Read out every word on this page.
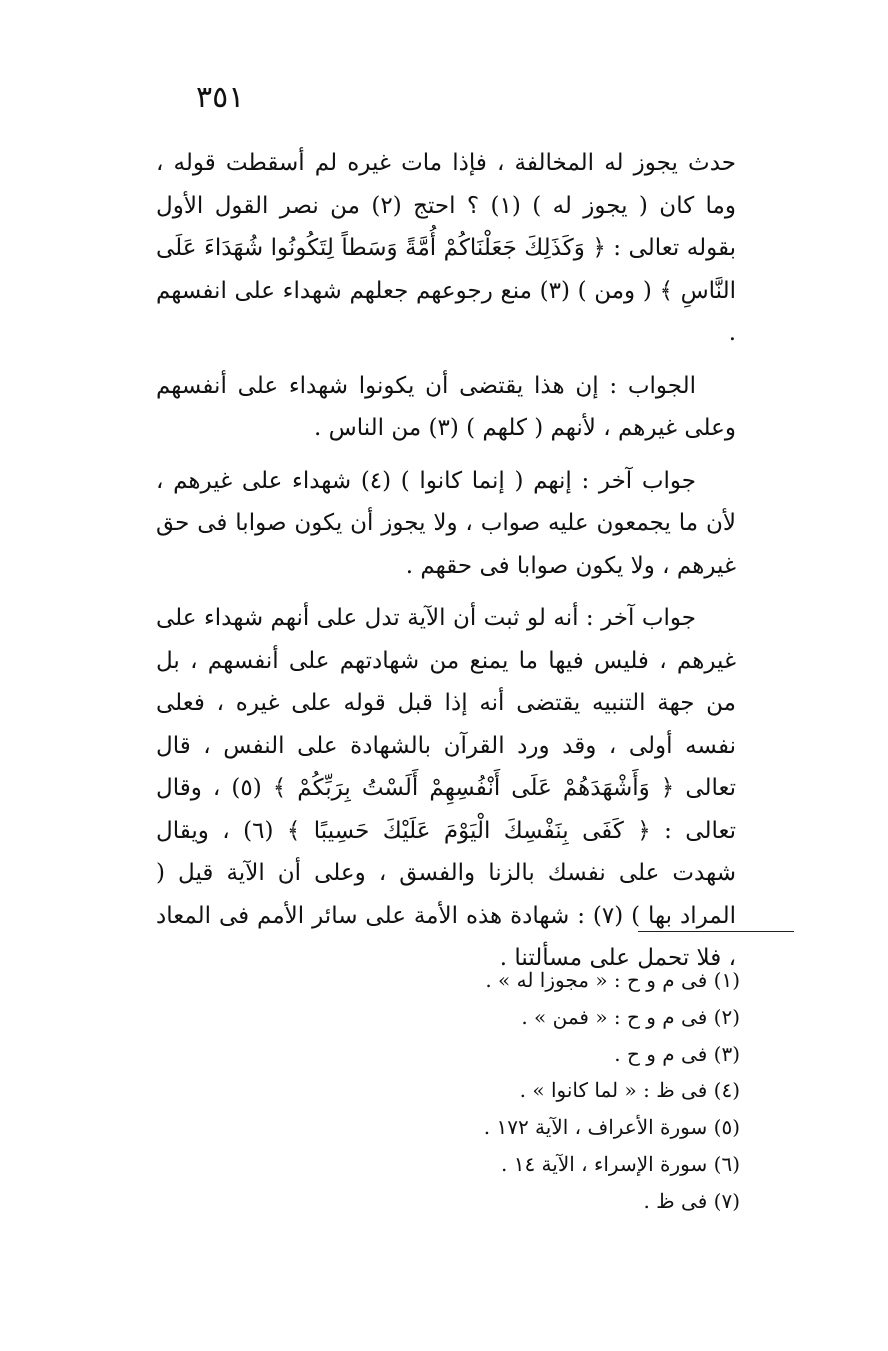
٣٥١

حدث يجوز له المخالفة ، فإذا مات غيره لم أسقطت قوله ، وما كان ( يجوز له ) (١) ؟ احتج (٢) من نصر القول الأول بقوله تعالى : ﴿ وَكَذَلِكَ جَعَلْنَاكُمْ أُمَّةً وَسَطاً لِتَكُونُوا شُهَدَاءَ عَلَى النَّاسِ ﴾ ( ومن ) (٣) منع رجوعهم جعلهم شهداء على انفسهم .

الجواب : إن هذا يقتضى أن يكونوا شهداء على أنفسهم وعلى غيرهم ، لأنهم ( كلهم ) (٣) من الناس .

جواب آخر : إنهم ( إنما كانوا ) (٤) شهداء على غيرهم ، لأن ما يجمعون عليه صواب ، ولا يجوز أن يكون صوابا فى حق غيرهم ، ولا يكون صوابا فى حقهم .

جواب آخر : أنه لو ثبت أن الآية تدل على أنهم شهداء على غيرهم ، فليس فيها ما يمنع من شهادتهم على أنفسهم ، بل من جهة التنبيه يقتضى أنه إذا قبل قوله على غيره ، فعلى نفسه أولى ، وقد ورد القرآن بالشهادة على النفس ، قال تعالى ﴿ وَأَشْهَدَهُمْ عَلَى أَنْفُسِهِمْ أَلَسْتُ بِرَبِّكُمْ ﴾ (٥) ، وقال تعالى : ﴿ كَفَى بِنَفْسِكَ الْيَوْمَ عَلَيْكَ حَسِيبًا ﴾ (٦) ، ويقال شهدت على نفسك بالزنا والفسق ، وعلى أن الآية قيل ( المراد بها ) (٧) : شهادة هذه الأمة على سائر الأمم فى المعاد ، فلا تحمل على مسألتنا .

(١) فى م و ح : « مجوزا له » .
(٢) فى م و ح : « فمن » .
(٣) فى م و ح .
(٤) فى ظ : « لما كانوا » .
(٥) سورة الأعراف ، الآية ١٧٢ .
(٦) سورة الإسراء ، الآية ١٤ .
(٧) فى ظ .
